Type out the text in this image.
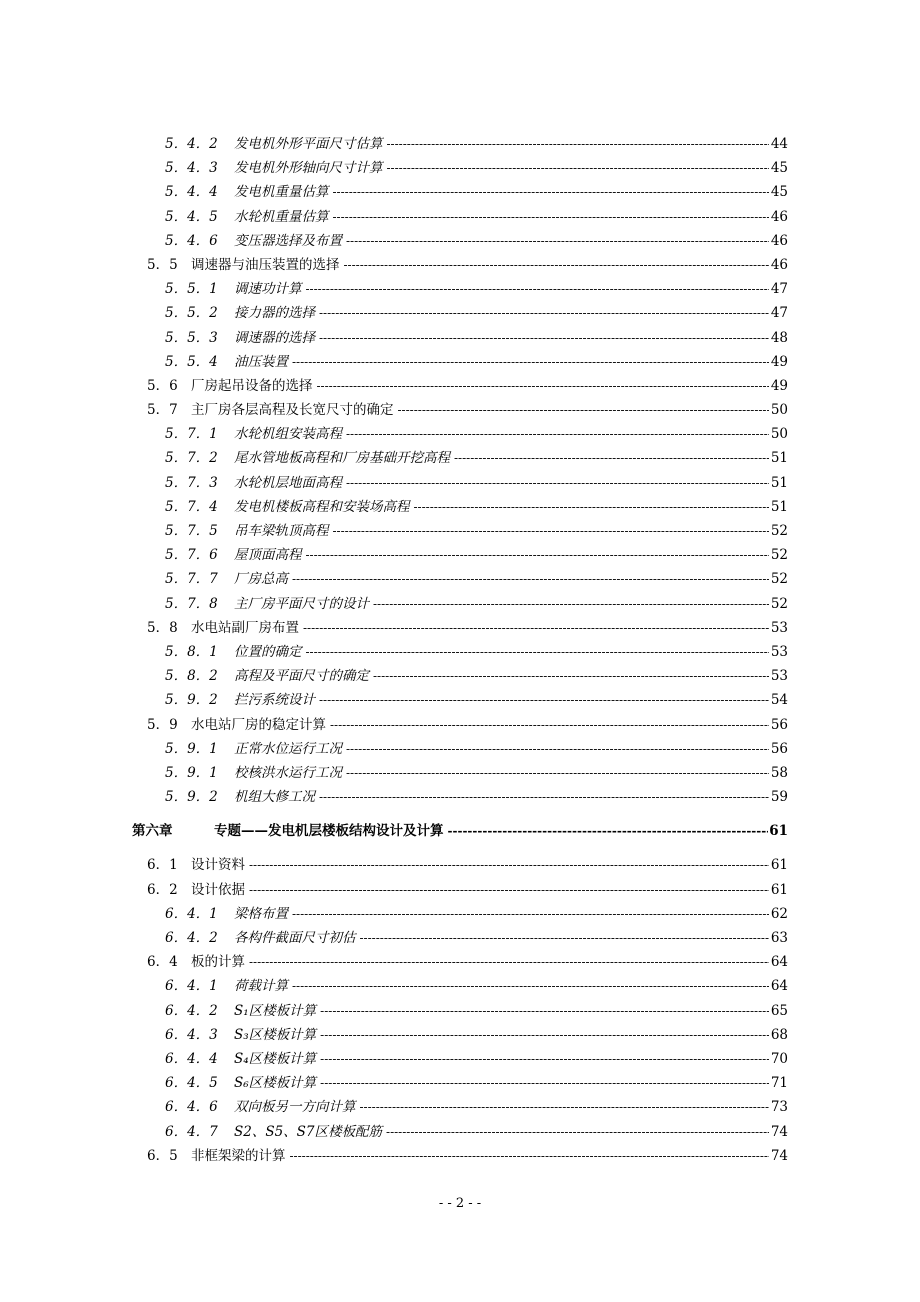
5．4．2	发电机外形平面尺寸估算 -----	44
5．4．3	发电机外形轴向尺寸计算 -----	45
5．4．4	发电机重量估算 -----	45
5．4．5	水轮机重量估算 -----	46
5．4．6	变压器选择及布置 -----	46
5．5 调速器与油压装置的选择 -----	46
5．5．1	调速功计算 -----	47
5．5．2	接力器的选择 -----	47
5．5．3	调速器的选择 -----	48
5．5．4	油压装置 -----	49
5．6 厂房起吊设备的选择 -----	49
5．7 主厂房各层高程及长宽尺寸的确定 -----	50
5．7．1	水轮机组安装高程 -----	50
5．7．2	尾水管地板高程和厂房基础开挖高程 -----	51
5．7．3	水轮机层地面高程 -----	51
5．7．4	发电机楼板高程和安装场高程 -----	51
5．7．5	吊车梁轨顶高程 -----	52
5．7．6	屋顶面高程 -----	52
5．7．7	厂房总高 -----	52
5．7．8	主厂房平面尺寸的设计 -----	52
5．8 水电站副厂房布置 -----	53
5．8．1	位置的确定 -----	53
5．8．2	高程及平面尺寸的确定 -----	53
5．9．2	拦污系统设计 -----	54
5．9 水电站厂房的稳定计算 -----	56
5．9．1	正常水位运行工况 -----	56
5．9．1	校核洪水运行工况 -----	58
5．9．2	机组大修工况 -----	59
第六章	专题——发电机层楼板结构设计及计算 -----	61
6．1 设计资料 -----	61
6．2 设计依据 -----	61
6．4．1	梁格布置 -----	62
6．4．2	各构件截面尺寸初估 -----	63
6．4 板的计算 -----	64
6．4．1	荷载计算 -----	64
6．4．2	S₁区楼板计算 -----	65
6．4．3	S₃区楼板计算 -----	68
6．4．4	S₄区楼板计算 -----	70
6．4．5	S₆区楼板计算 -----	71
6．4．6	双向板另一方向计算 -----	73
6．4．7	S2、S5、S7区楼板配筋 -----	74
6．5 非框架梁的计算 -----	74
- - 2 - -
